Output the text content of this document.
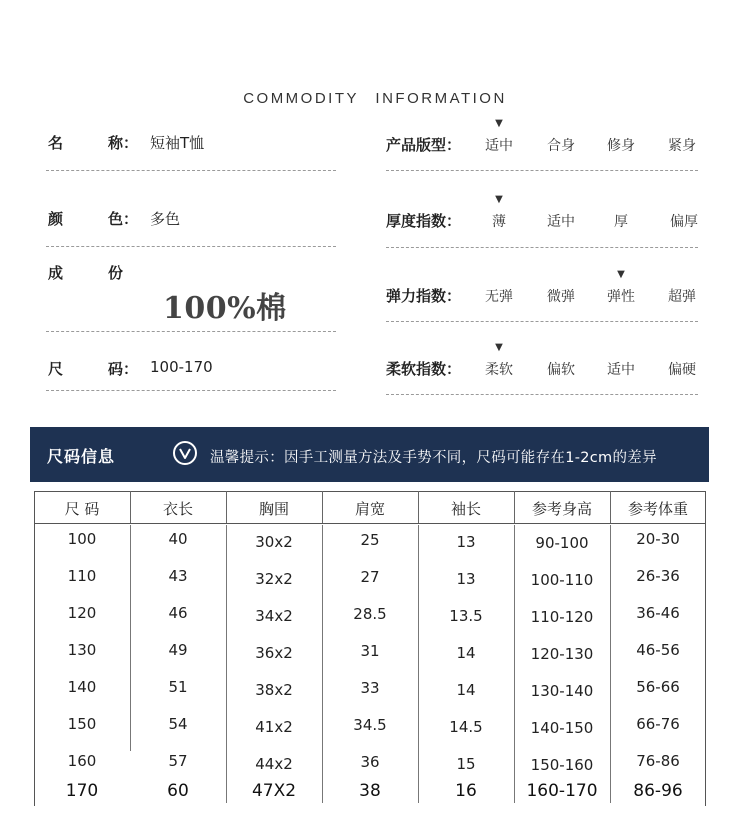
COMMODITY INFORMATION
名	称： 短袖T恤
颜	色： 多色
成	份
100%棉
尺	码： 100-170
产品版型：
▼
适中	合身	修身	紧身
厚度指数：
▼
薄	适中	厚	偏厚
弹力指数：
▼
无弹	微弹	弹性	超弹
柔软指数：
▼
柔软	偏软	适中	偏硬
尺码信息	温馨提示：因手工测量方法及手势不同，尺码可能存在1-2cm的差异
尺 码	衣长	胸围	肩宽	袖长	参考身高	参考体重
100	40	30x2	25	13	90-100	20-30
110	43	32x2	27	13	100-110	26-36
120	46	34x2	28.5	13.5	110-120	36-46
130	49	36x2	31	14	120-130	46-56
140	51	38x2	33	14	130-140	56-66
150	54	41x2	34.5	14.5	140-150	66-76
160	57	44x2	36	15	150-160	76-86
170	60	47X2	38	16	160-170	86-96
